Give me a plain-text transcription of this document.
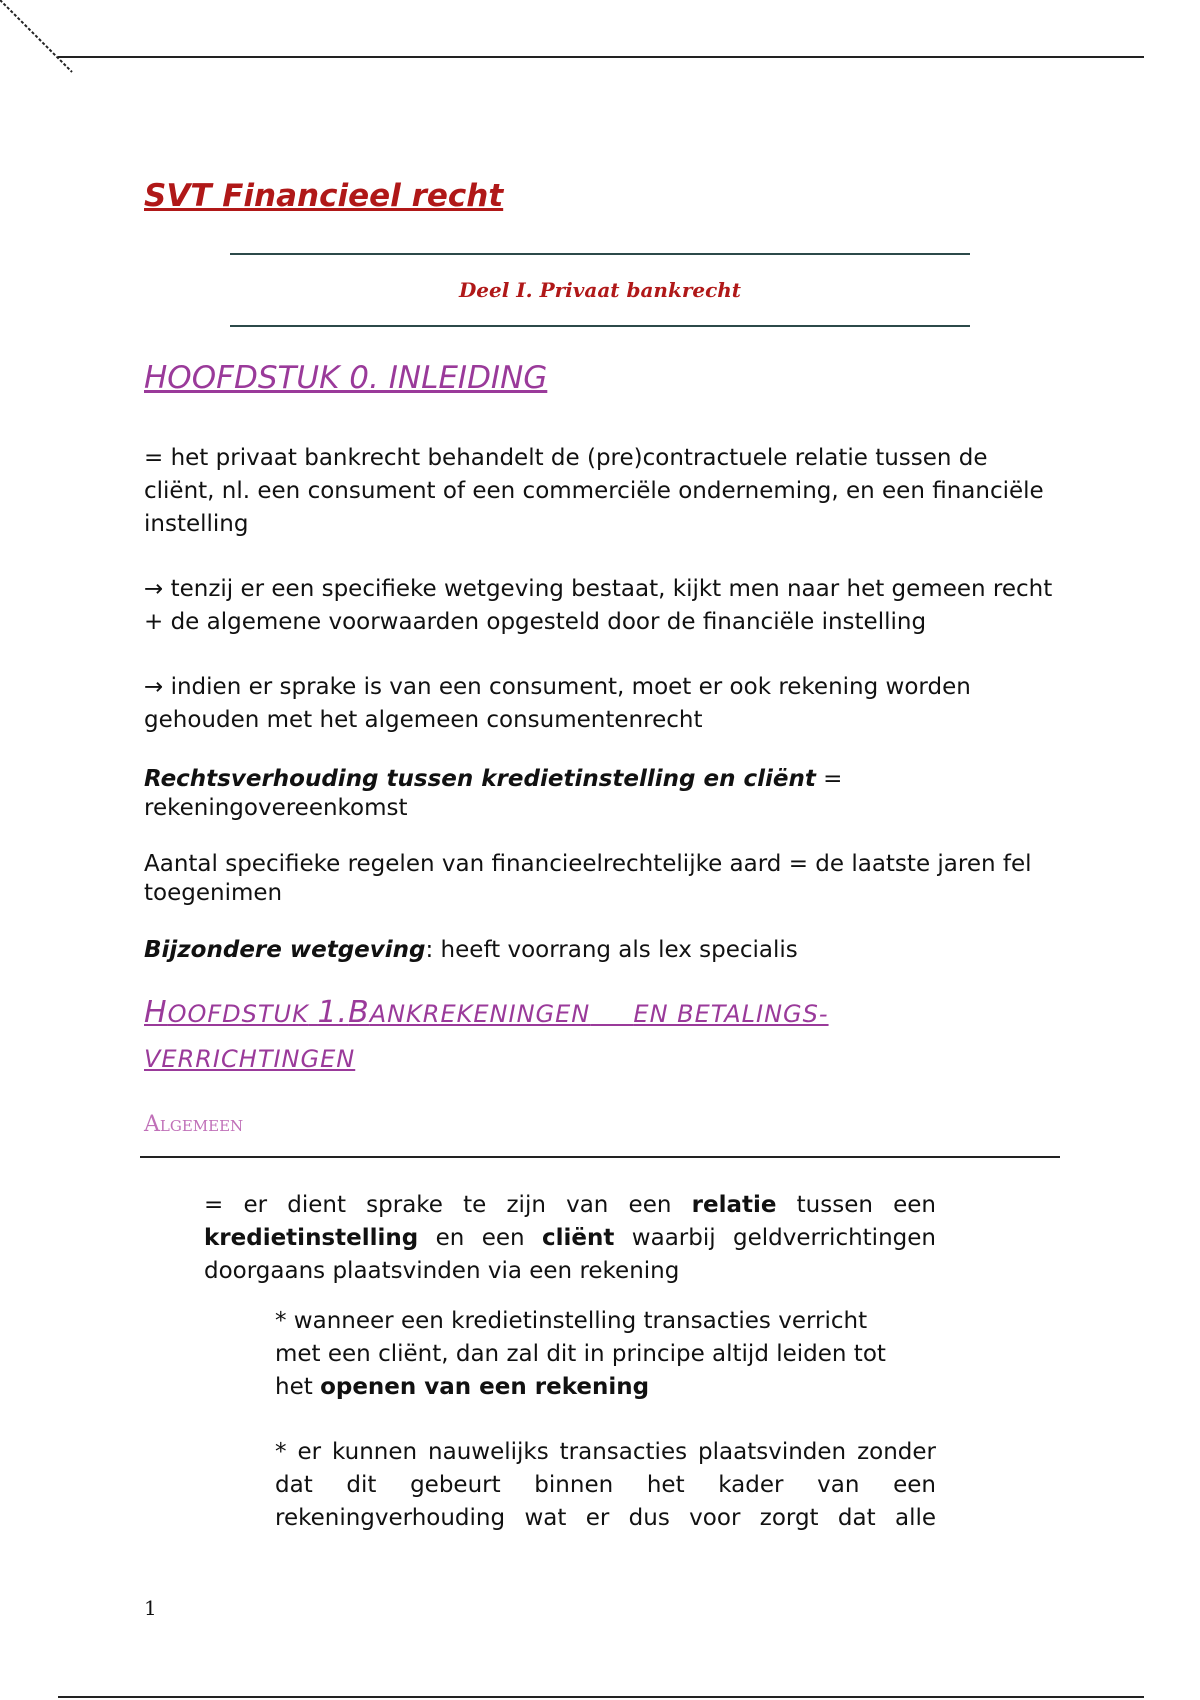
SVT Financieel recht
Deel I. Privaat bankrecht
HOOFDSTUK 0. INLEIDING

= het privaat bankrecht behandelt de (pre)contractuele relatie tussen de cliënt, nl. een consument of een commerciële onderneming, en een financiële instelling

→ tenzij er een specifieke wetgeving bestaat, kijkt men naar het gemeen recht + de algemene voorwaarden opgesteld door de financiële instelling

→ indien er sprake is van een consument, moet er ook rekening worden gehouden met het algemeen consumentenrecht

Rechtsverhouding tussen kredietinstelling en cliënt = rekeningovereenkomst

Aantal specifieke regelen van financieelrechtelijke aard = de laatste jaren fel toegenimen

Bijzondere wetgeving: heeft voorrang als lex specialis

HOOFDSTUK 1.BANKREKENINGEN EN BETALINGS-
VERRICHTINGEN
Algemeen

= er dient sprake te zijn van een relatie tussen een kredietinstelling en een cliënt waarbij geldverrichtingen doorgaans plaatsvinden via een rekening

* wanneer een kredietinstelling transacties verricht met een cliënt, dan zal dit in principe altijd leiden tot het openen van een rekening

* er kunnen nauwelijks transacties plaatsvinden zonder dat dit gebeurt binnen het kader van een rekeningverhouding wat er dus voor zorgt dat alle

1
